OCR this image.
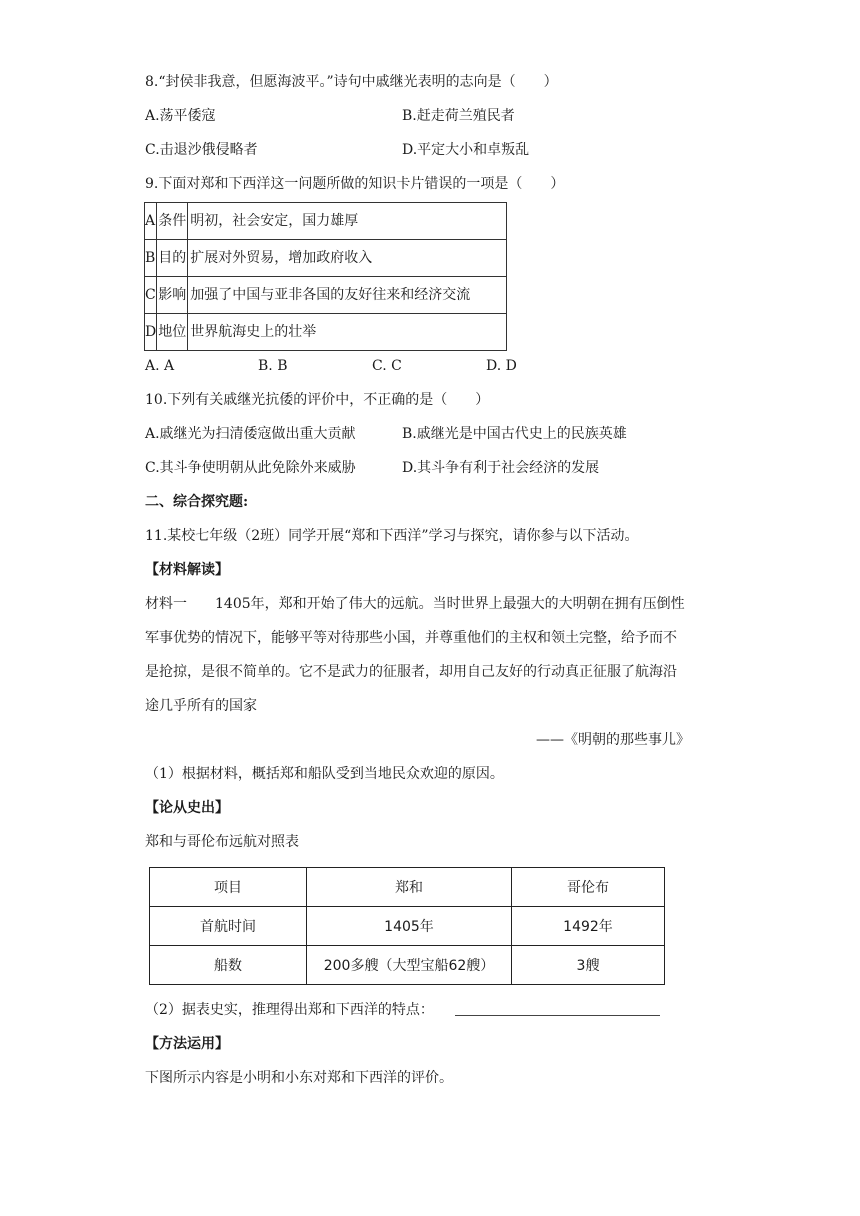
8.“封侯非我意，但愿海波平。”诗句中戚继光表明的志向是（　　）
A.荡平倭寇	B.赶走荷兰殖民者
C.击退沙俄侵略者	D.平定大小和卓叛乱
9.下面对郑和下西洋这一问题所做的知识卡片错误的一项是（　　）
A	条件	明初，社会安定，国力雄厚
B	目的	扩展对外贸易，增加政府收入
C	影响	加强了中国与亚非各国的友好往来和经济交流
D	地位	世界航海史上的壮举
A. A	B. B	C. C	D. D
10.下列有关戚继光抗倭的评价中，不正确的是（　　）
A.戚继光为扫清倭寇做出重大贡献	B.戚继光是中国古代史上的民族英雄
C.其斗争使明朝从此免除外来威胁	D.其斗争有利于社会经济的发展
二、综合探究题:
11.某校七年级（2班）同学开展“郑和下西洋”学习与探究，请你参与以下活动。
【材料解读】
材料一　　1405年，郑和开始了伟大的远航。当时世界上最强大的大明朝在拥有压倒性
军事优势的情况下，能够平等对待那些小国，并尊重他们的主权和领土完整，给予而不
是抢掠，是很不简单的。它不是武力的征服者，却用自己友好的行动真正征服了航海沿
途几乎所有的国家
——《明朝的那些事儿》
（1）根据材料，概括郑和船队受到当地民众欢迎的原因。
【论从史出】
郑和与哥伦布远航对照表
项目	郑和	哥伦布
首航时间	1405年	1492年
船数	200多艘（大型宝船62艘）	3艘
（2）据表史实，推理得出郑和下西洋的特点：
【方法运用】
下图所示内容是小明和小东对郑和下西洋的评价。
